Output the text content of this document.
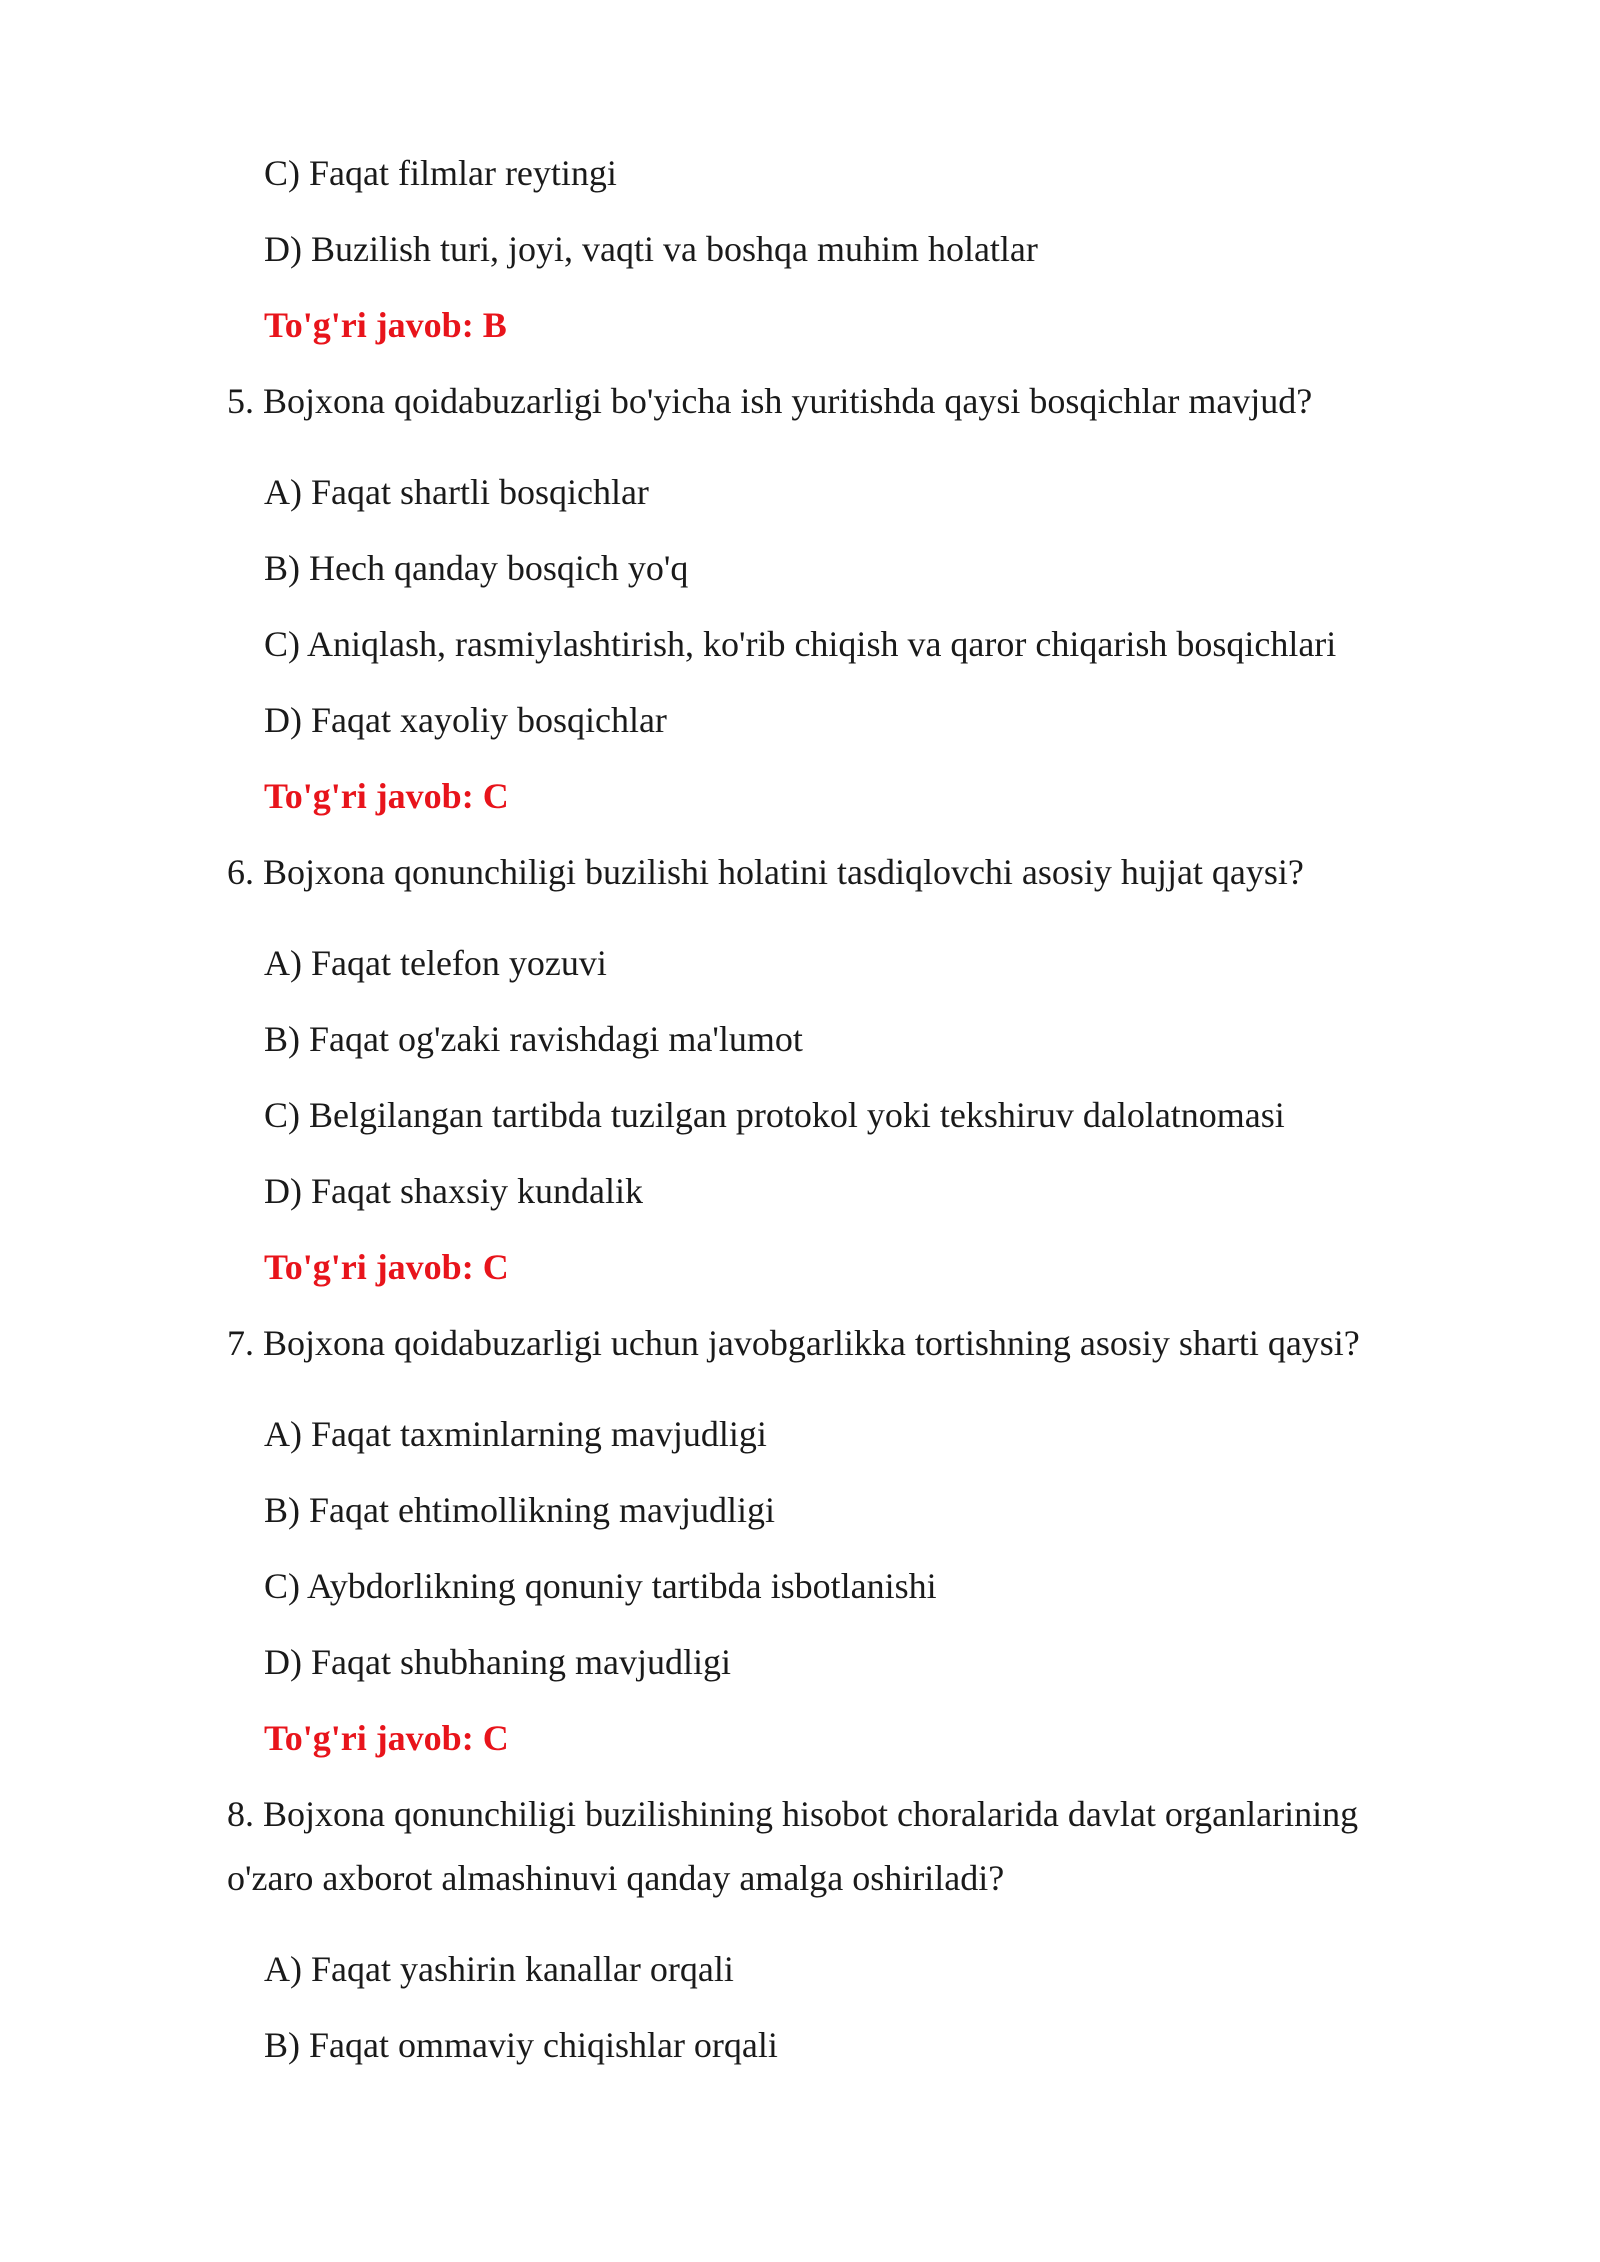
C) Faqat filmlar reytingi
D) Buzilish turi, joyi, vaqti va boshqa muhim holatlar
To'g'ri javob: B
5. Bojxona qoidabuzarligi bo'yicha ish yuritishda qaysi bosqichlar mavjud?
A) Faqat shartli bosqichlar
B) Hech qanday bosqich yo'q
C) Aniqlash, rasmiylashtirish, ko'rib chiqish va qaror chiqarish bosqichlari
D) Faqat xayoliy bosqichlar
To'g'ri javob: C
6. Bojxona qonunchiligi buzilishi holatini tasdiqlovchi asosiy hujjat qaysi?
A) Faqat telefon yozuvi
B) Faqat og'zaki ravishdagi ma'lumot
C) Belgilangan tartibda tuzilgan protokol yoki tekshiruv dalolatnomasi
D) Faqat shaxsiy kundalik
To'g'ri javob: C
7. Bojxona qoidabuzarligi uchun javobgarlikka tortishning asosiy sharti qaysi?
A) Faqat taxminlarning mavjudligi
B) Faqat ehtimollikning mavjudligi
C) Aybdorlikning qonuniy tartibda isbotlanishi
D) Faqat shubhaning mavjudligi
To'g'ri javob: C
8. Bojxona qonunchiligi buzilishining hisobot choralarida davlat organlarining
o'zaro axborot almashinuvi qanday amalga oshiriladi?
A) Faqat yashirin kanallar orqali
B) Faqat ommaviy chiqishlar orqali
